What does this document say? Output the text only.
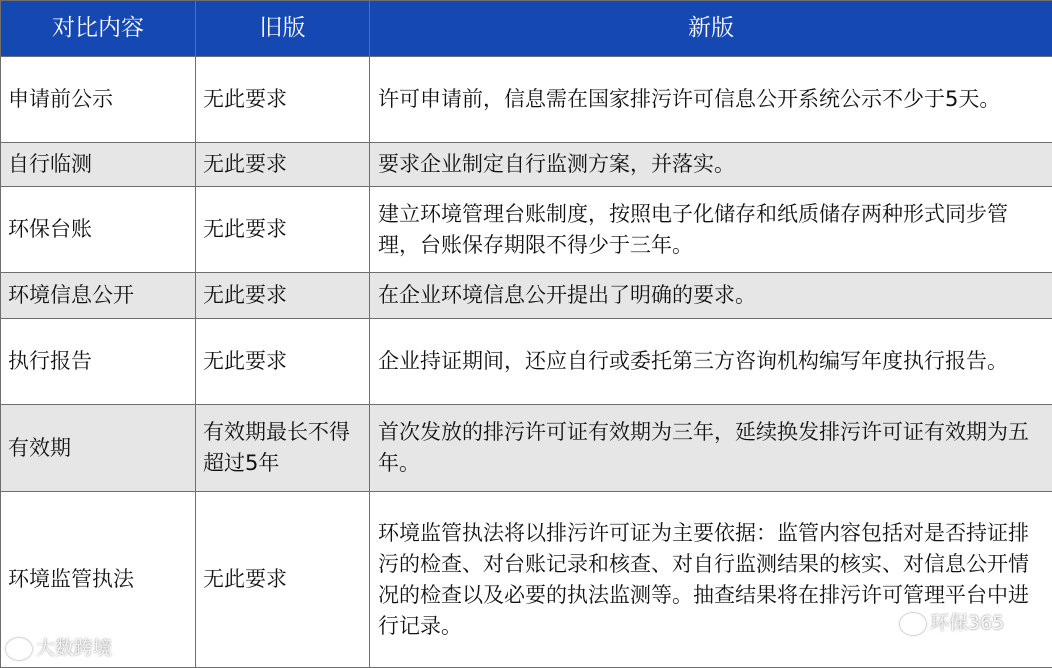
对比内容	旧版	新版
申请前公示	无此要求	许可申请前，信息需在国家排污许可信息公开系统公示不少于5天。
自行临测	无此要求	要求企业制定自行监测方案，并落实。
环保台账	无此要求	建立环境管理台账制度，按照电子化储存和纸质储存两种形式同步管理，台账保存期限不得少于三年。
环境信息公开	无此要求	在企业环境信息公开提出了明确的要求。
执行报告	无此要求	企业持证期间，还应自行或委托第三方咨询机构编写年度执行报告。
有效期	有效期最长不得超过5年	首次发放的排污许可证有效期为三年，延续换发排污许可证有效期为五年。
环境监管执法	无此要求	环境监管执法将以排污许可证为主要依据：监管内容包括对是否持证排污的检查、对台账记录和核查、对自行监测结果的核实、对信息公开情况的检查以及必要的执法监测等。抽查结果将在排污许可管理平台中进行记录。
大数跨境
环保365
